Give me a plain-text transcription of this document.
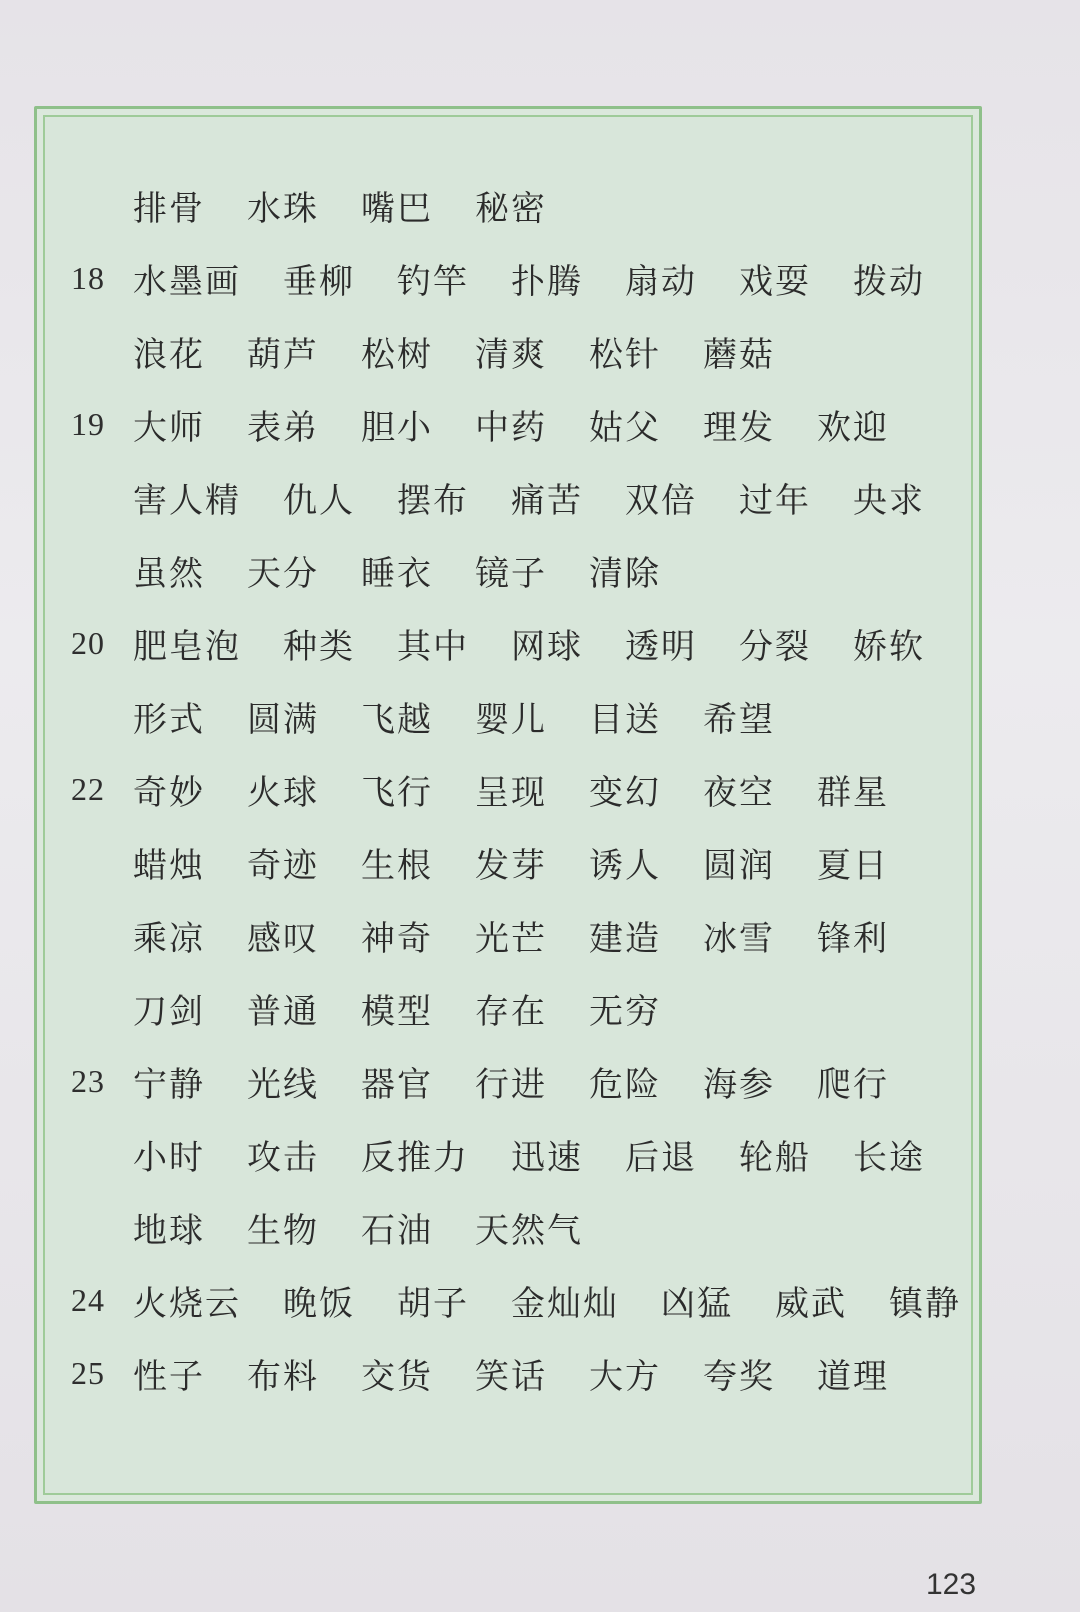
排骨 水珠 嘴巴 秘密
18 水墨画 垂柳 钓竿 扑腾 扇动 戏耍 拨动
浪花 葫芦 松树 清爽 松针 蘑菇
19 大师 表弟 胆小 中药 姑父 理发 欢迎
害人精 仇人 摆布 痛苦 双倍 过年 央求
虽然 天分 睡衣 镜子 清除
20 肥皂泡 种类 其中 网球 透明 分裂 娇软
形式 圆满 飞越 婴儿 目送 希望
22 奇妙 火球 飞行 呈现 变幻 夜空 群星
蜡烛 奇迹 生根 发芽 诱人 圆润 夏日
乘凉 感叹 神奇 光芒 建造 冰雪 锋利
刀剑 普通 模型 存在 无穷
23 宁静 光线 器官 行进 危险 海参 爬行
小时 攻击 反推力 迅速 后退 轮船 长途
地球 生物 石油 天然气
24 火烧云 晚饭 胡子 金灿灿 凶猛 威武 镇静
25 性子 布料 交货 笑话 大方 夸奖 道理
123
